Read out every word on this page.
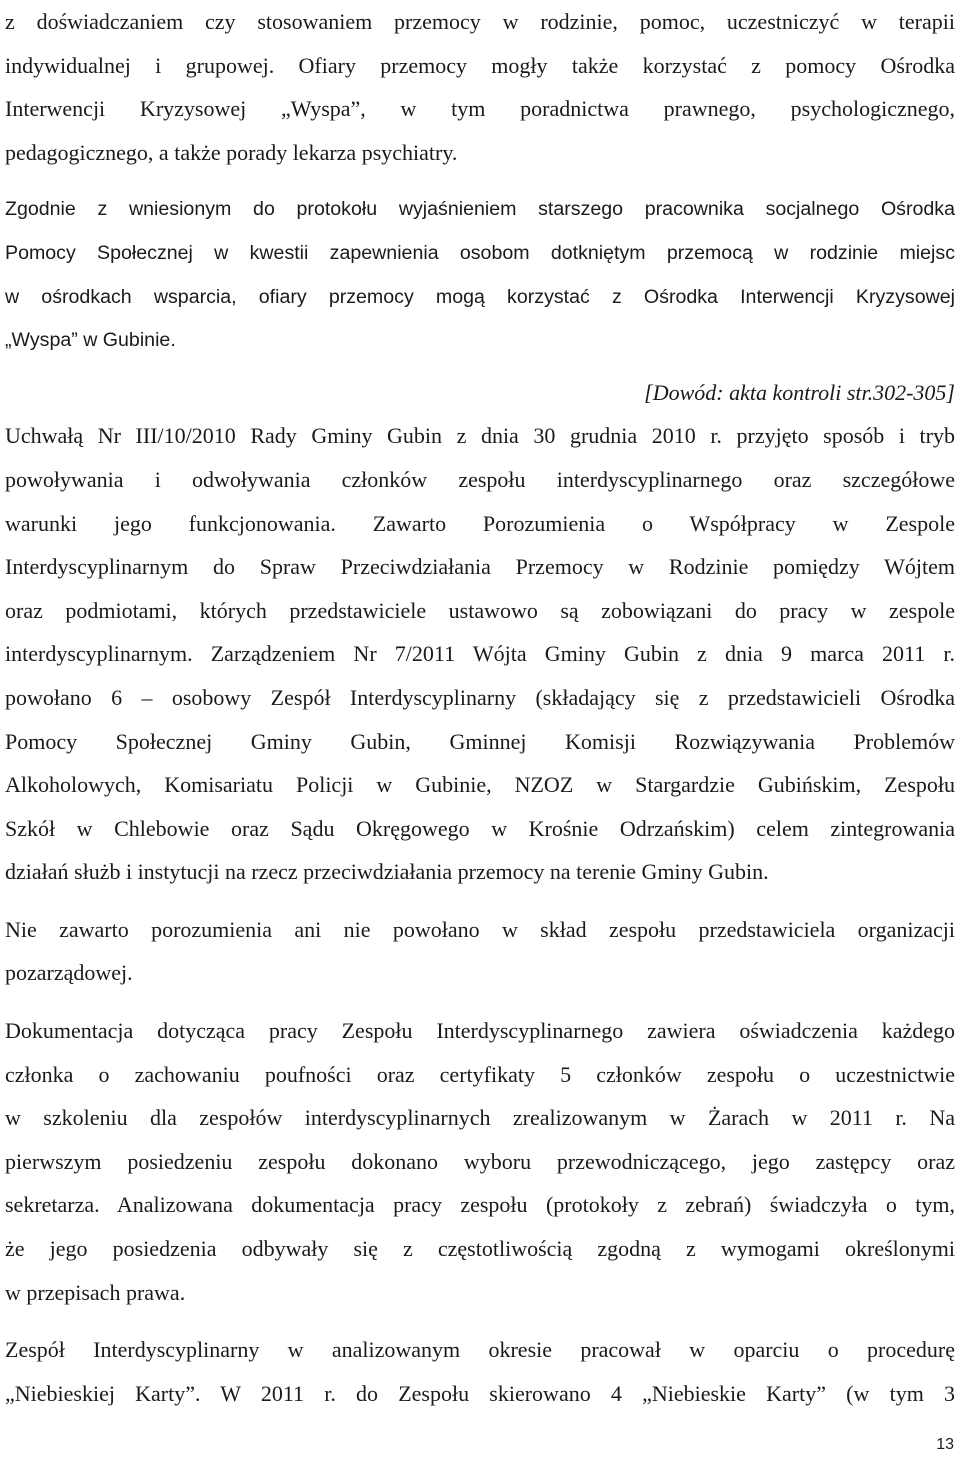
z doświadczaniem czy stosowaniem przemocy w rodzinie, pomoc, uczestniczyć w terapii
indywidualnej i grupowej. Ofiary przemocy mogły także korzystać z pomocy Ośrodka
Interwencji Kryzysowej „Wyspa”, w tym poradnictwa prawnego, psychologicznego,
pedagogicznego, a także porady lekarza psychiatry.
Zgodnie z wniesionym do protokołu wyjaśnieniem starszego pracownika socjalnego Ośrodka
Pomocy Społecznej w kwestii zapewnienia osobom dotkniętym przemocą w rodzinie miejsc
w ośrodkach wsparcia, ofiary przemocy mogą korzystać z Ośrodka Interwencji Kryzysowej
„Wyspa” w Gubinie.
[Dowód: akta kontroli str.302-305]
Uchwałą Nr III/10/2010 Rady Gminy Gubin z dnia 30 grudnia 2010 r. przyjęto sposób i tryb
powoływania i odwoływania członków zespołu interdyscyplinarnego oraz szczegółowe
warunki jego funkcjonowania. Zawarto Porozumienia o Współpracy w Zespole
Interdyscyplinarnym do Spraw Przeciwdziałania Przemocy w Rodzinie pomiędzy Wójtem
oraz podmiotami, których przedstawiciele ustawowo są zobowiązani do pracy w zespole
interdyscyplinarnym. Zarządzeniem Nr 7/2011 Wójta Gminy Gubin z dnia 9 marca 2011 r.
powołano 6 – osobowy Zespół Interdyscyplinarny (składający się z przedstawicieli Ośrodka
Pomocy Społecznej Gminy Gubin, Gminnej Komisji Rozwiązywania Problemów
Alkoholowych, Komisariatu Policji w Gubinie, NZOZ w Stargardzie Gubińskim, Zespołu
Szkół w Chlebowie oraz Sądu Okręgowego w Krośnie Odrzańskim) celem zintegrowania
działań służb i instytucji na rzecz przeciwdziałania przemocy na terenie Gminy Gubin.
Nie zawarto porozumienia ani nie powołano w skład zespołu przedstawiciela organizacji
pozarządowej.
Dokumentacja dotycząca pracy Zespołu Interdyscyplinarnego zawiera oświadczenia każdego
członka o zachowaniu poufności oraz certyfikaty 5 członków zespołu o uczestnictwie
w szkoleniu dla zespołów interdyscyplinarnych zrealizowanym w Żarach w 2011 r. Na
pierwszym posiedzeniu zespołu dokonano wyboru przewodniczącego, jego zastępcy oraz
sekretarza. Analizowana dokumentacja pracy zespołu (protokoły z zebrań) świadczyła o tym,
że jego posiedzenia odbywały się z częstotliwością zgodną z wymogami określonymi
w przepisach prawa.
Zespół Interdyscyplinarny w analizowanym okresie pracował w oparciu o procedurę
„Niebieskiej Karty”. W 2011 r. do Zespołu skierowano 4 „Niebieskie Karty” (w tym 3
13
